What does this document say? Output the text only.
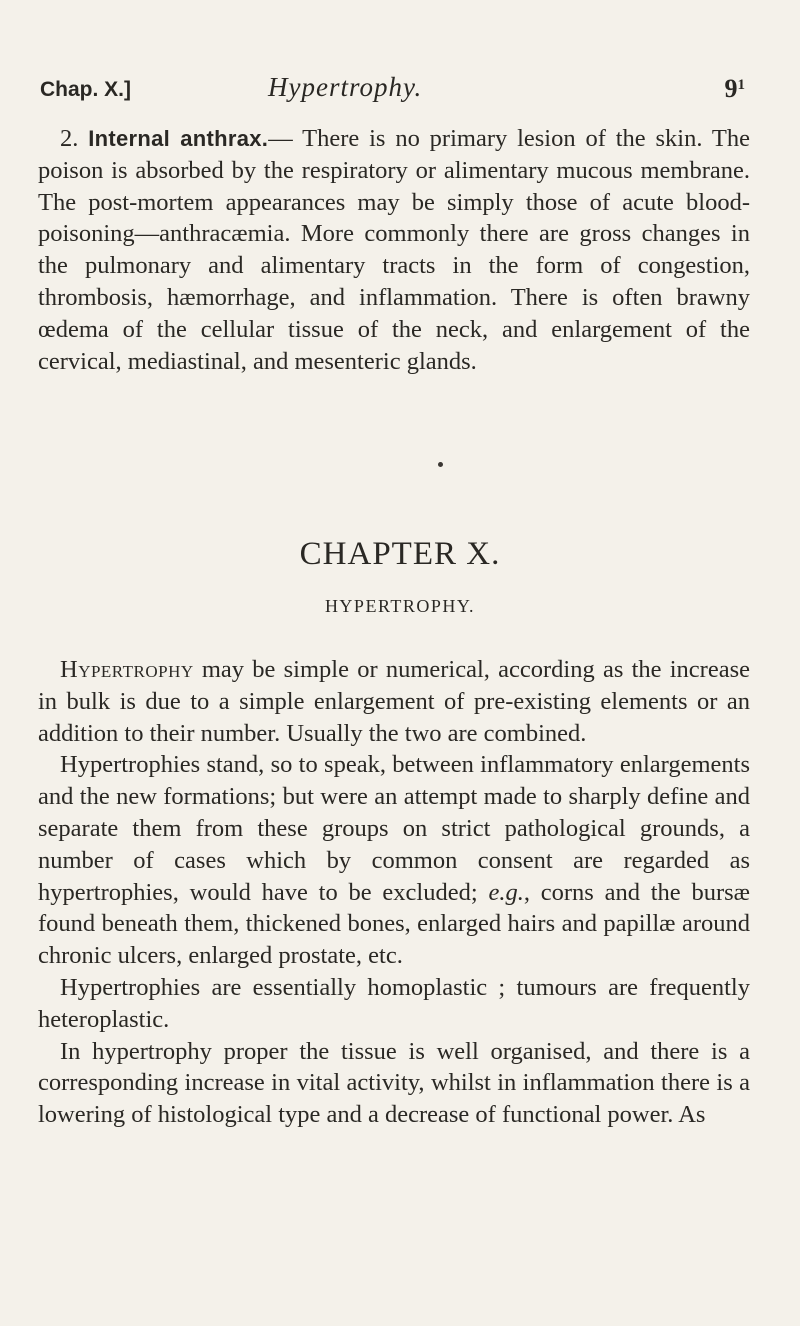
Chap. X.]	Hypertrophy.	$9^1$

2. Internal anthrax.— There is no primary lesion of the skin. The poison is absorbed by the respiratory or alimentary mucous membrane. The post-mortem appearances may be simply those of acute blood-poisoning—anthracæmia. More commonly there are gross changes in the pulmonary and alimentary tracts in the form of congestion, thrombosis, hæmorrhage, and inflammation. There is often brawny œdema of the cellular tissue of the neck, and enlargement of the cervical, mediastinal, and mesenteric glands.

CHAPTER X.
HYPERTROPHY.

Hypertrophy may be simple or numerical, according as the increase in bulk is due to a simple enlargement of pre-existing elements or an addition to their number. Usually the two are combined.

Hypertrophies stand, so to speak, between inflammatory enlargements and the new formations; but were an attempt made to sharply define and separate them from these groups on strict pathological grounds, a number of cases which by common consent are regarded as hypertrophies, would have to be excluded; e.g., corns and the bursæ found beneath them, thickened bones, enlarged hairs and papillæ around chronic ulcers, enlarged prostate, etc.

Hypertrophies are essentially homoplastic ; tumours are frequently heteroplastic.

In hypertrophy proper the tissue is well organised, and there is a corresponding increase in vital activity, whilst in inflammation there is a lowering of histological type and a decrease of functional power. As
